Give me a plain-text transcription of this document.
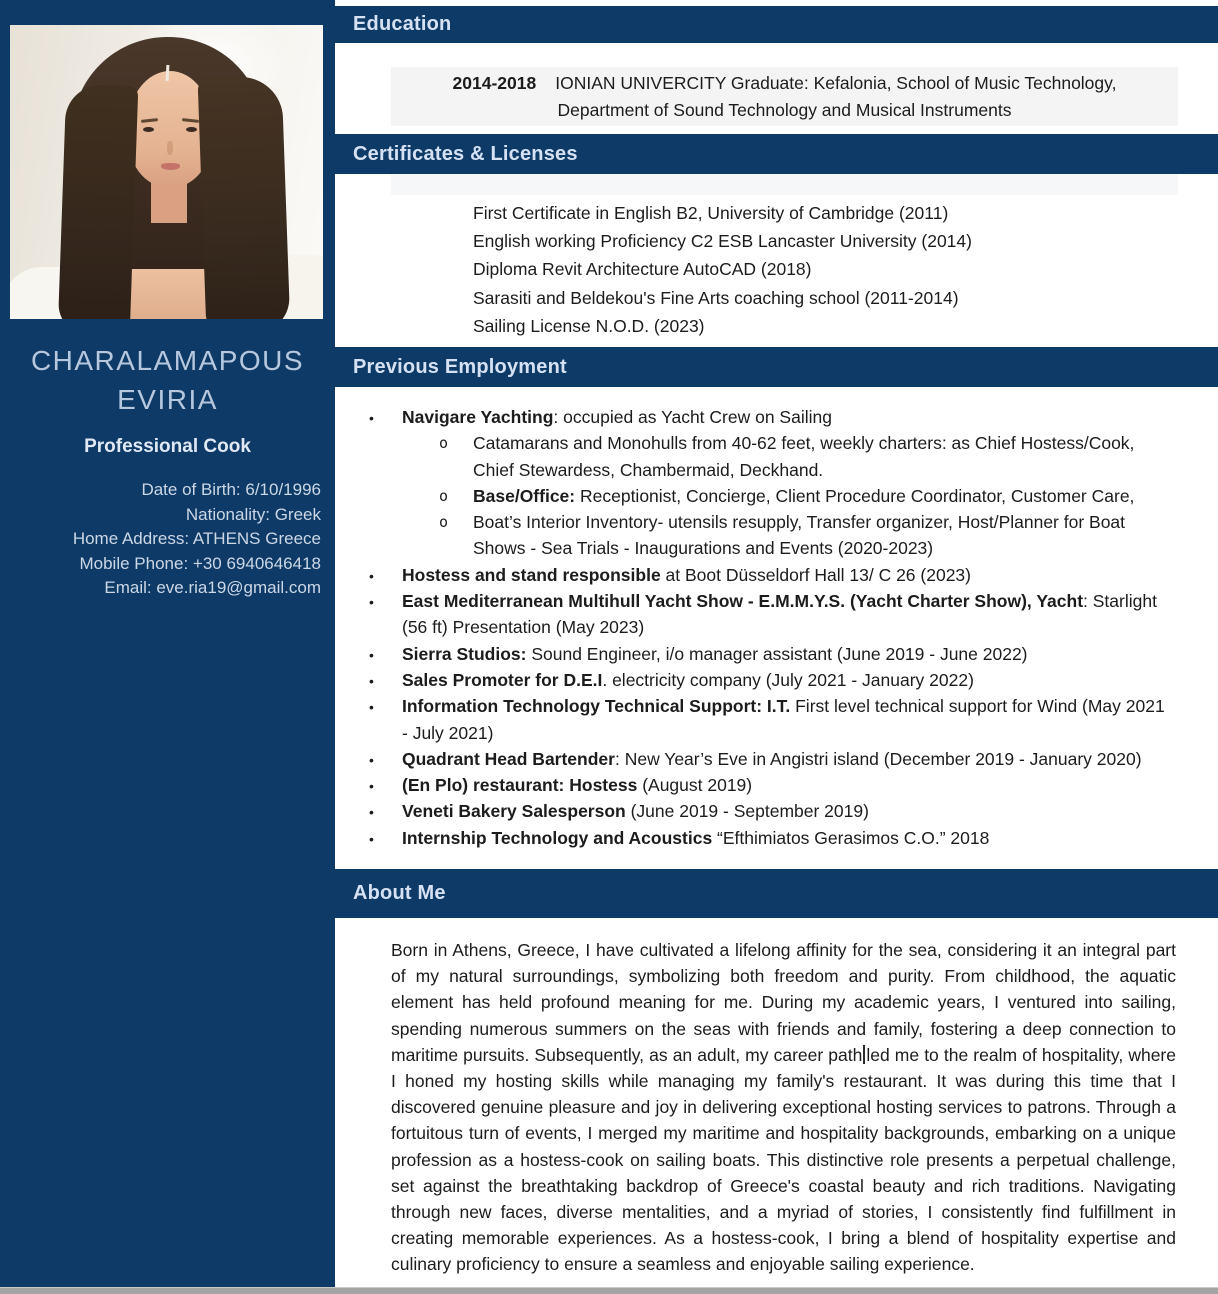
CHARALAMAPOUS
EVIRIA
Professional Cook
Date of Birth: 6/10/1996
Nationality: Greek
Home Address: ATHENS Greece
Mobile Phone: +30 6940646418
Email: eve.ria19@gmail.com
Education
2014-2018 IONIAN UNIVERCITY Graduate: Kefalonia, School of Music Technology, Department of Sound Technology and Musical Instruments
Certificates & Licenses
First Certificate in English B2, University of Cambridge (2011)
English working Proficiency C2 ESB Lancaster University (2014)
Diploma Revit Architecture AutoCAD (2018)
Sarasiti and Beldekou's Fine Arts coaching school (2011-2014)
Sailing License N.O.D. (2023)
Previous Employment
• Navigare Yachting: occupied as Yacht Crew on Sailing
o Catamarans and Monohulls from 40-62 feet, weekly charters: as Chief Hostess/Cook, Chief Stewardess, Chambermaid, Deckhand.
o Base/Office: Receptionist, Concierge, Client Procedure Coordinator, Customer Care,
o Boat’s Interior Inventory- utensils resupply, Transfer organizer, Host/Planner for Boat Shows - Sea Trials - Inaugurations and Events (2020-2023)
• Hostess and stand responsible at Boot Düsseldorf Hall 13/ C 26 (2023)
• East Mediterranean Multihull Yacht Show - E.M.M.Y.S. (Yacht Charter Show), Yacht: Starlight (56 ft) Presentation (May 2023)
• Sierra Studios: Sound Engineer, i/o manager assistant (June 2019 - June 2022)
• Sales Promoter for D.E.I. electricity company (July 2021 - January 2022)
• Information Technology Technical Support: I.T. First level technical support for Wind (May 2021 - July 2021)
• Quadrant Head Bartender: New Year’s Eve in Angistri island (December 2019 - January 2020)
• (En Plo) restaurant: Hostess (August 2019)
• Veneti Bakery Salesperson (June 2019 - September 2019)
• Internship Technology and Acoustics “Efthimiatos Gerasimos C.O.” 2018
About Me

Born in Athens, Greece, I have cultivated a lifelong affinity for the sea, considering it an integral part of my natural surroundings, symbolizing both freedom and purity. From childhood, the aquatic element has held profound meaning for me. During my academic years, I ventured into sailing, spending numerous summers on the seas with friends and family, fostering a deep connection to maritime pursuits. Subsequently, as an adult, my career path led me to the realm of hospitality, where I honed my hosting skills while managing my family's restaurant. It was during this time that I discovered genuine pleasure and joy in delivering exceptional hosting services to patrons. Through a fortuitous turn of events, I merged my maritime and hospitality backgrounds, embarking on a unique profession as a hostess-cook on sailing boats. This distinctive role presents a perpetual challenge, set against the breathtaking backdrop of Greece's coastal beauty and rich traditions. Navigating through new faces, diverse mentalities, and a myriad of stories, I consistently find fulfillment in creating memorable experiences. As a hostess-cook, I bring a blend of hospitality expertise and culinary proficiency to ensure a seamless and enjoyable sailing experience.
